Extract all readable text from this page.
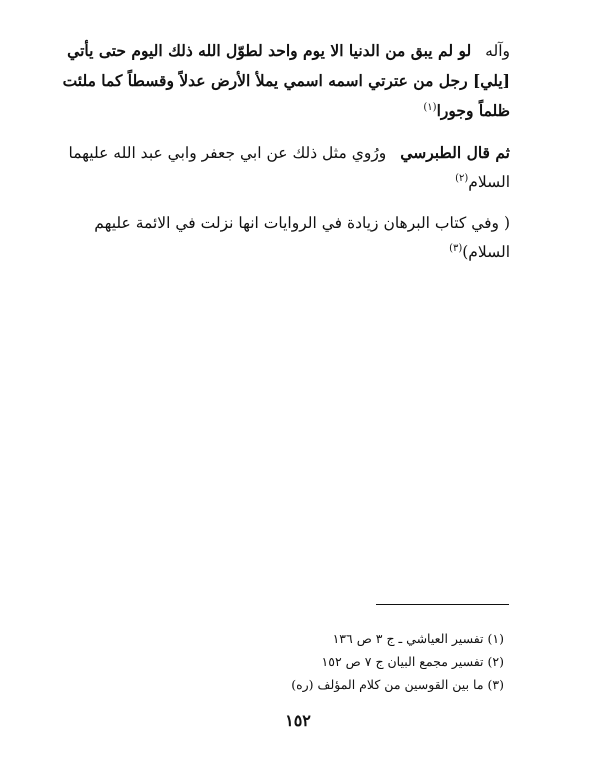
وآلهلو لم يبق من الدنيا الا يوم واحد لطوّل الله ذلك اليوم حتى يأتي
[يلي] رجل من عترتي اسمه اسمي يملأ الأرض عدلاً وقسطاً كما ملئت
ظلماً وجورا$^{(١)}$

ثم قال الطبرسيورُوي مثل ذلك عن ابي جعفر وابي عبد الله عليهما
السلام$^{(٢)}$

( وفي كتاب البرهان زيادة في الروايات انها نزلت في الائمة عليهم
السلام)$^{(٣)}$

(١) تفسير العياشي ـ ج ٣ ص ١٣٦
(٢) تفسير مجمع البيان ج ٧ ص ١٥٢
(٣) ما بين القوسين من كلام المؤلف (ره)
١٥٢
